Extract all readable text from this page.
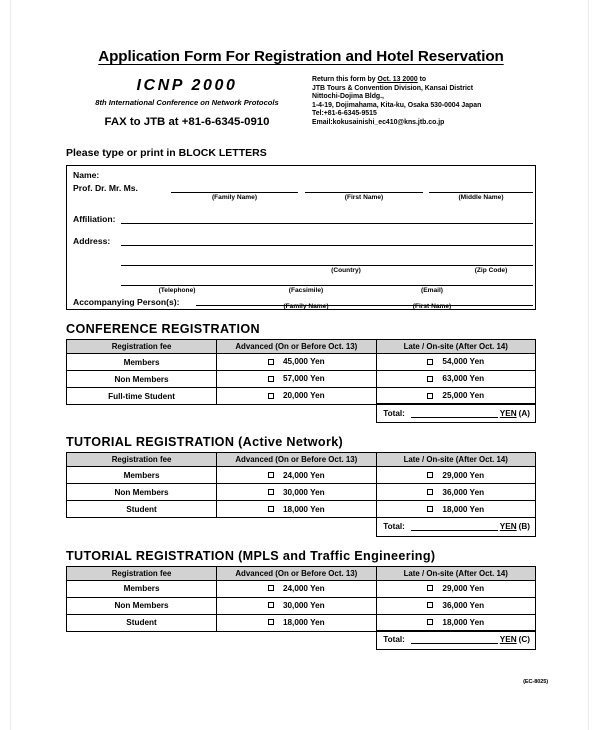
Application Form For Registration and Hotel Reservation
ICNP 2000
8th International Conference on Network Protocols
FAX to JTB at +81-6-6345-0910
Return this form by Oct. 13 2000 to
JTB Tours & Convention Division, Kansai District
Nittochi-Dojima Bldg.,
1-4-19, Dojimahama, Kita-ku, Osaka 530-0004 Japan
Tel:+81-6-6345-9515
Email:kokusainishi_ec410@kns.jtb.co.jp
Please type or print in BLOCK LETTERS
Name:
Prof. Dr. Mr. Ms.
Affiliation:
Address:
Accompanying Person(s):
(Family Name)	(First Name)	(Middle Name)
(Country)	(Zip Code)
(Telephone)	(Facsimile)	(Email)
(Family Name)	(First Name)
CONFERENCE REGISTRATION
Registration fee	Advanced (On or Before Oct. 13)	Late / On-site (After Oct. 14)
Members	45,000 Yen	54,000 Yen

Non Members	57,000 Yen	63,000 Yen

Full-time Student	20,000 Yen	25,000 Yen
Total:	YEN (A)
TUTORIAL REGISTRATION (Active Network)
Registration fee	Advanced (On or Before Oct. 13)	Late / On-site (After Oct. 14)
Members	24,000 Yen	29,000 Yen

Non Members	30,000 Yen	36,000 Yen

Student	18,000 Yen	18,000 Yen
Total:	YEN (B)
TUTORIAL REGISTRATION (MPLS and Traffic Engineering)
Registration fee	Advanced (On or Before Oct. 13)	Late / On-site (After Oct. 14)
Members	24,000 Yen	29,000 Yen

Non Members	30,000 Yen	36,000 Yen

Student	18,000 Yen	18,000 Yen
Total:	YEN (C)
(EC-8025)
